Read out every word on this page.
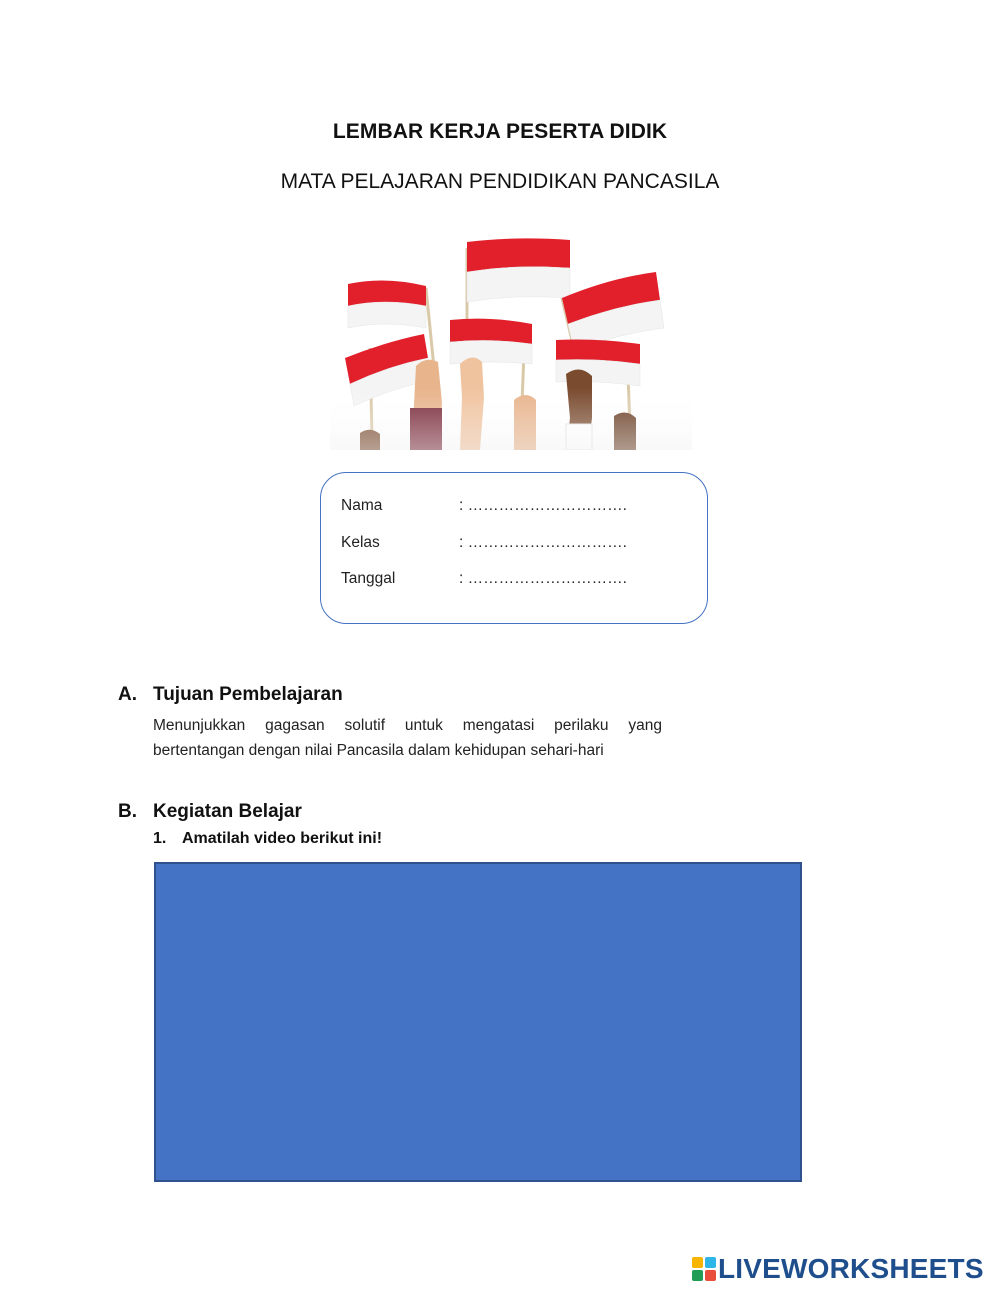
LEMBAR KERJA PESERTA DIDIK
MATA PELAJARAN PENDIDIKAN PANCASILA
Nama	: ………………………….
Kelas	: ………………………….
Tanggal	: ………………………….
A. Tujuan Pembelajaran
Menunjukkan gagasan solutif untuk mengatasi perilaku yang bertentangan dengan nilai Pancasila dalam kehidupan sehari-hari
B. Kegiatan Belajar
1. Amatilah video berikut ini!
LIVEWORKSHEETS
